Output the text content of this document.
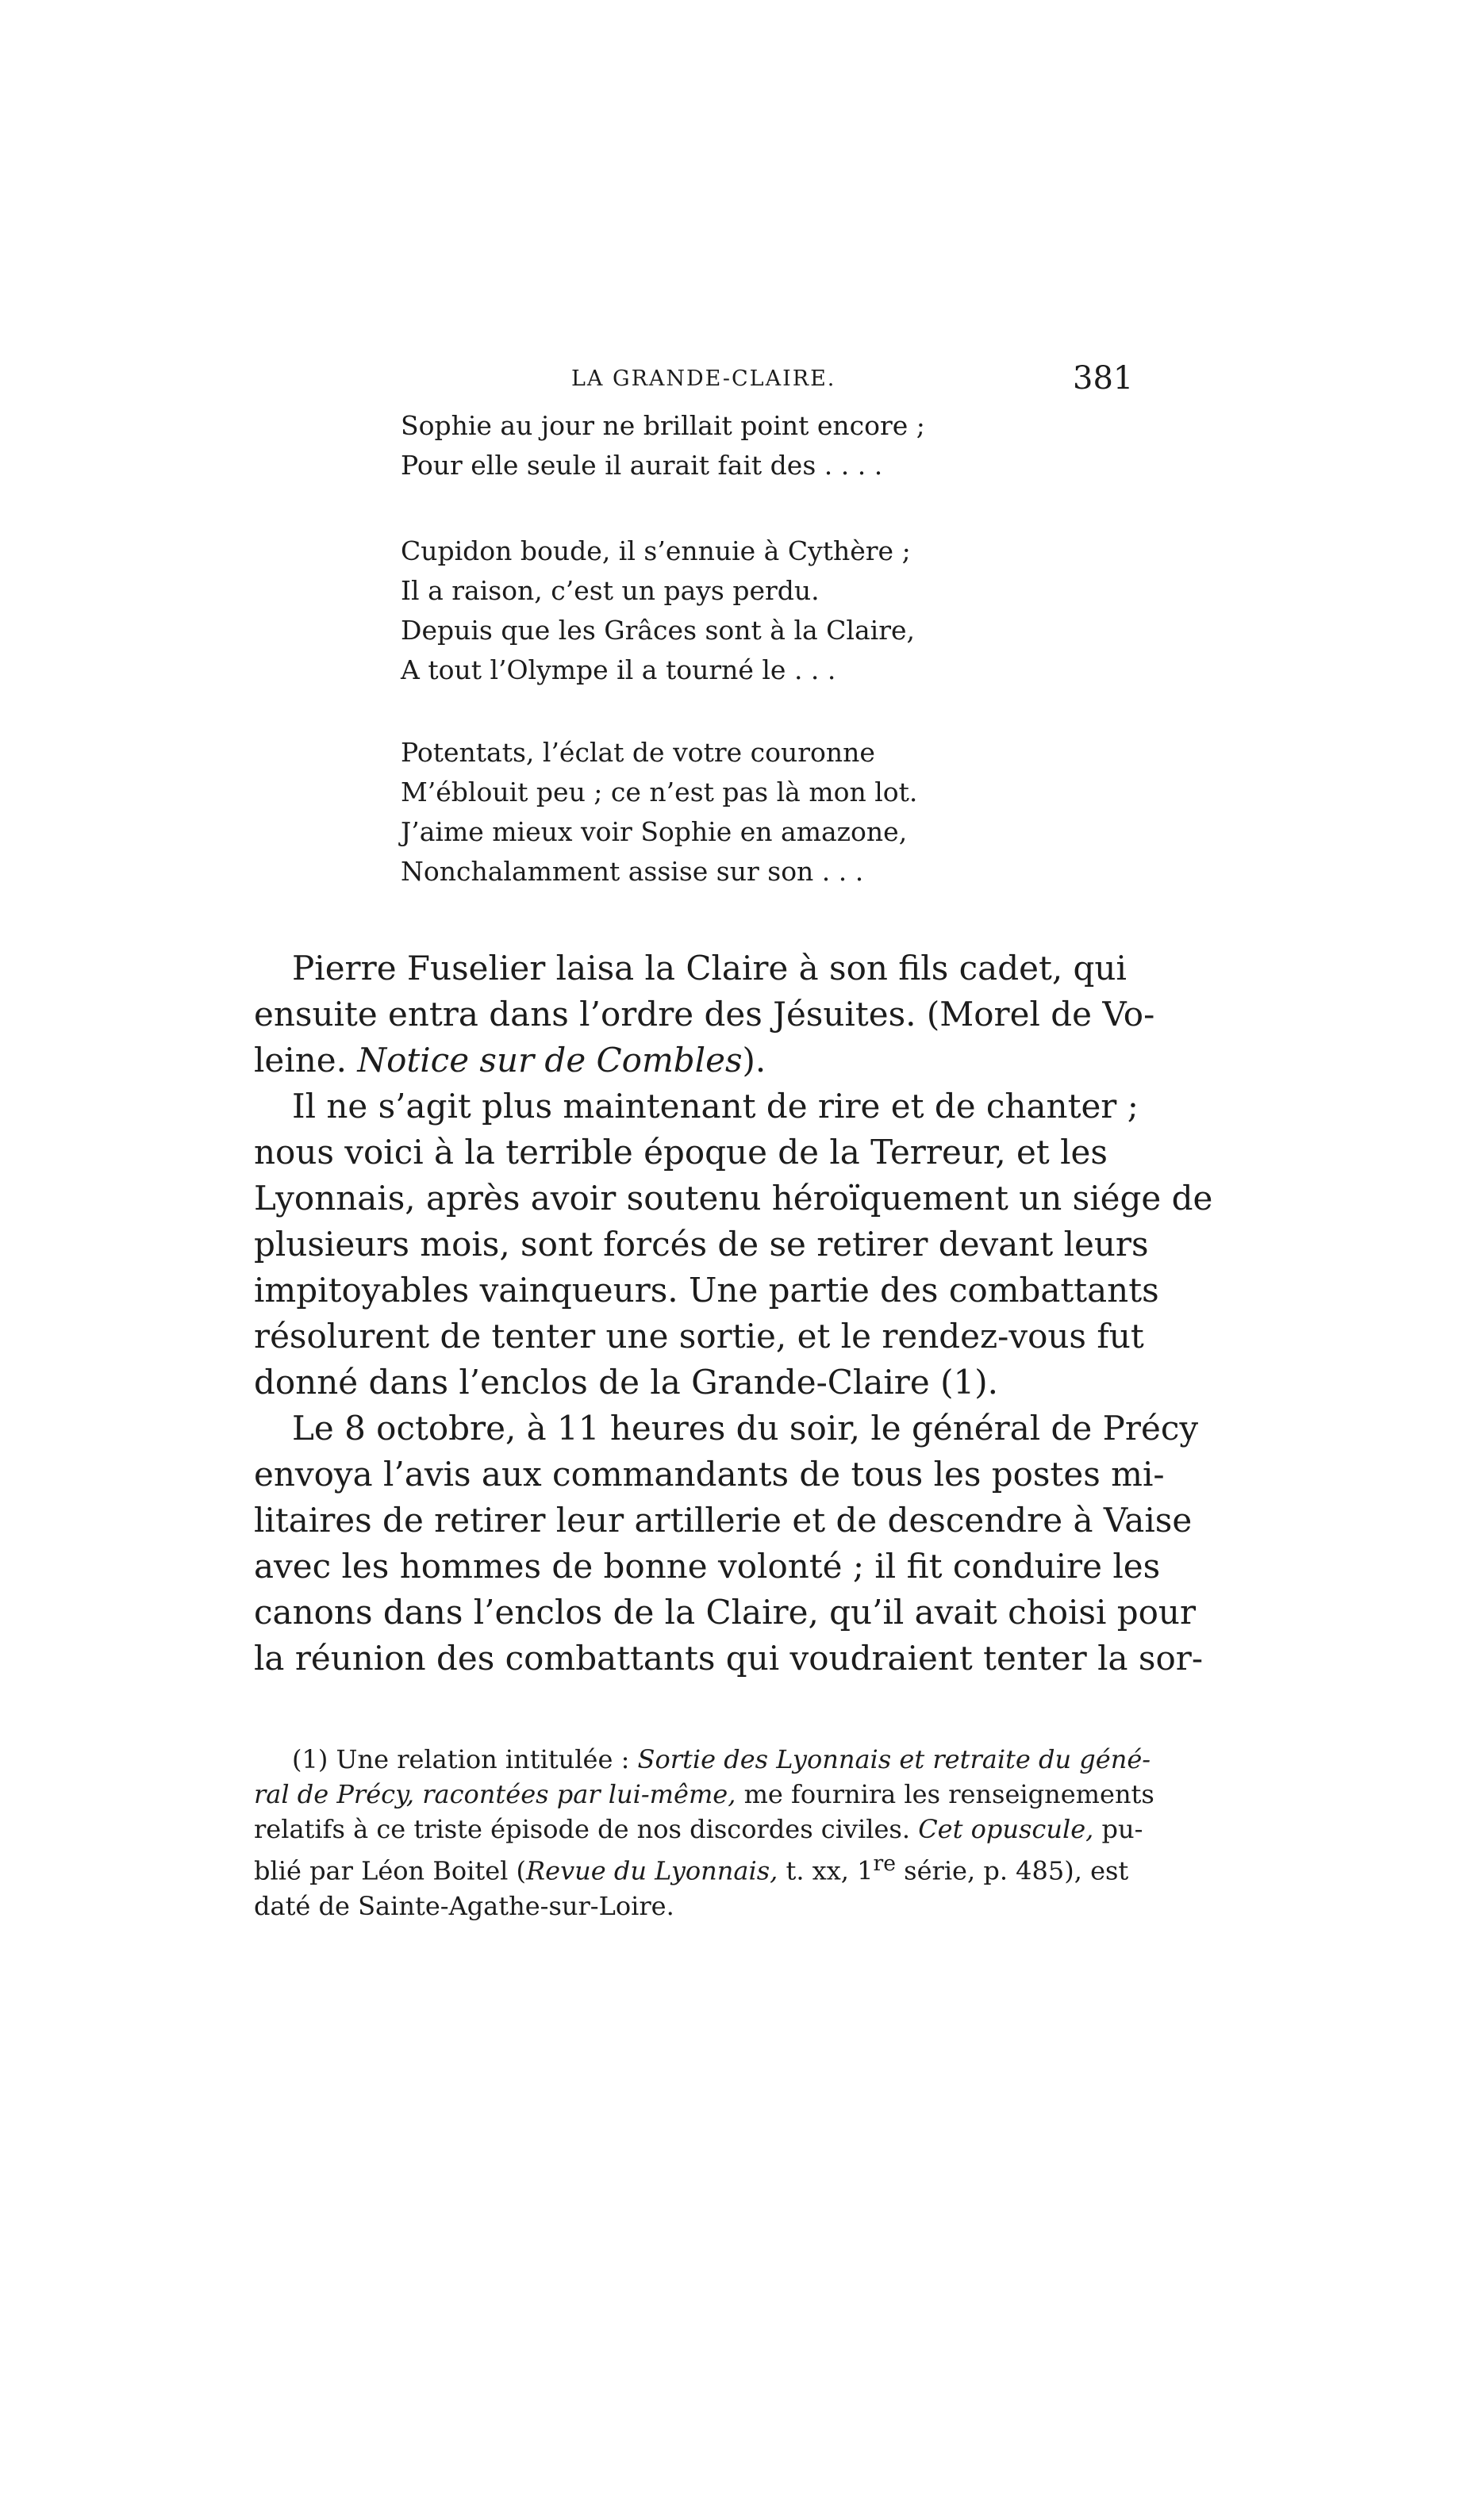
LA GRANDE-CLAIRE.	381
Sophie au jour ne brillait point encore ;
Pour elle seule il aurait fait des . . . .
Cupidon boude, il s’ennuie à Cythère ;
Il a raison, c’est un pays perdu.
Depuis que les Grâces sont à la Claire,
A tout l’Olympe il a tourné le . . .
Potentats, l’éclat de votre couronne
M’éblouit peu ; ce n’est pas là mon lot.
J’aime mieux voir Sophie en amazone,
Nonchalamment assise sur son . . .

Pierre Fuselier laisa la Claire à son fils cadet, qui
ensuite entra dans l’ordre des Jésuites. (Morel de Vo-
leine. Notice sur de Combles).

Il ne s’agit plus maintenant de rire et de chanter ;
nous voici à la terrible époque de la Terreur, et les
Lyonnais, après avoir soutenu héroïquement un siége de
plusieurs mois, sont forcés de se retirer devant leurs
impitoyables vainqueurs. Une partie des combattants
résolurent de tenter une sortie, et le rendez-vous fut
donné dans l’enclos de la Grande-Claire (1).

Le 8 octobre, à 11 heures du soir, le général de Précy
envoya l’avis aux commandants de tous les postes mi-
litaires de retirer leur artillerie et de descendre à Vaise
avec les hommes de bonne volonté ; il fit conduire les
canons dans l’enclos de la Claire, qu’il avait choisi pour
la réunion des combattants qui voudraient tenter la sor-

(1) Une relation intitulée : Sortie des Lyonnais et retraite du géné-
ral de Précy, racontées par lui-même, me fournira les renseignements
relatifs à ce triste épisode de nos discordes civiles. Cet opuscule, pu-
blié par Léon Boitel (Revue du Lyonnais, t. xx, 1re série, p. 485), est
daté de Sainte-Agathe-sur-Loire.
